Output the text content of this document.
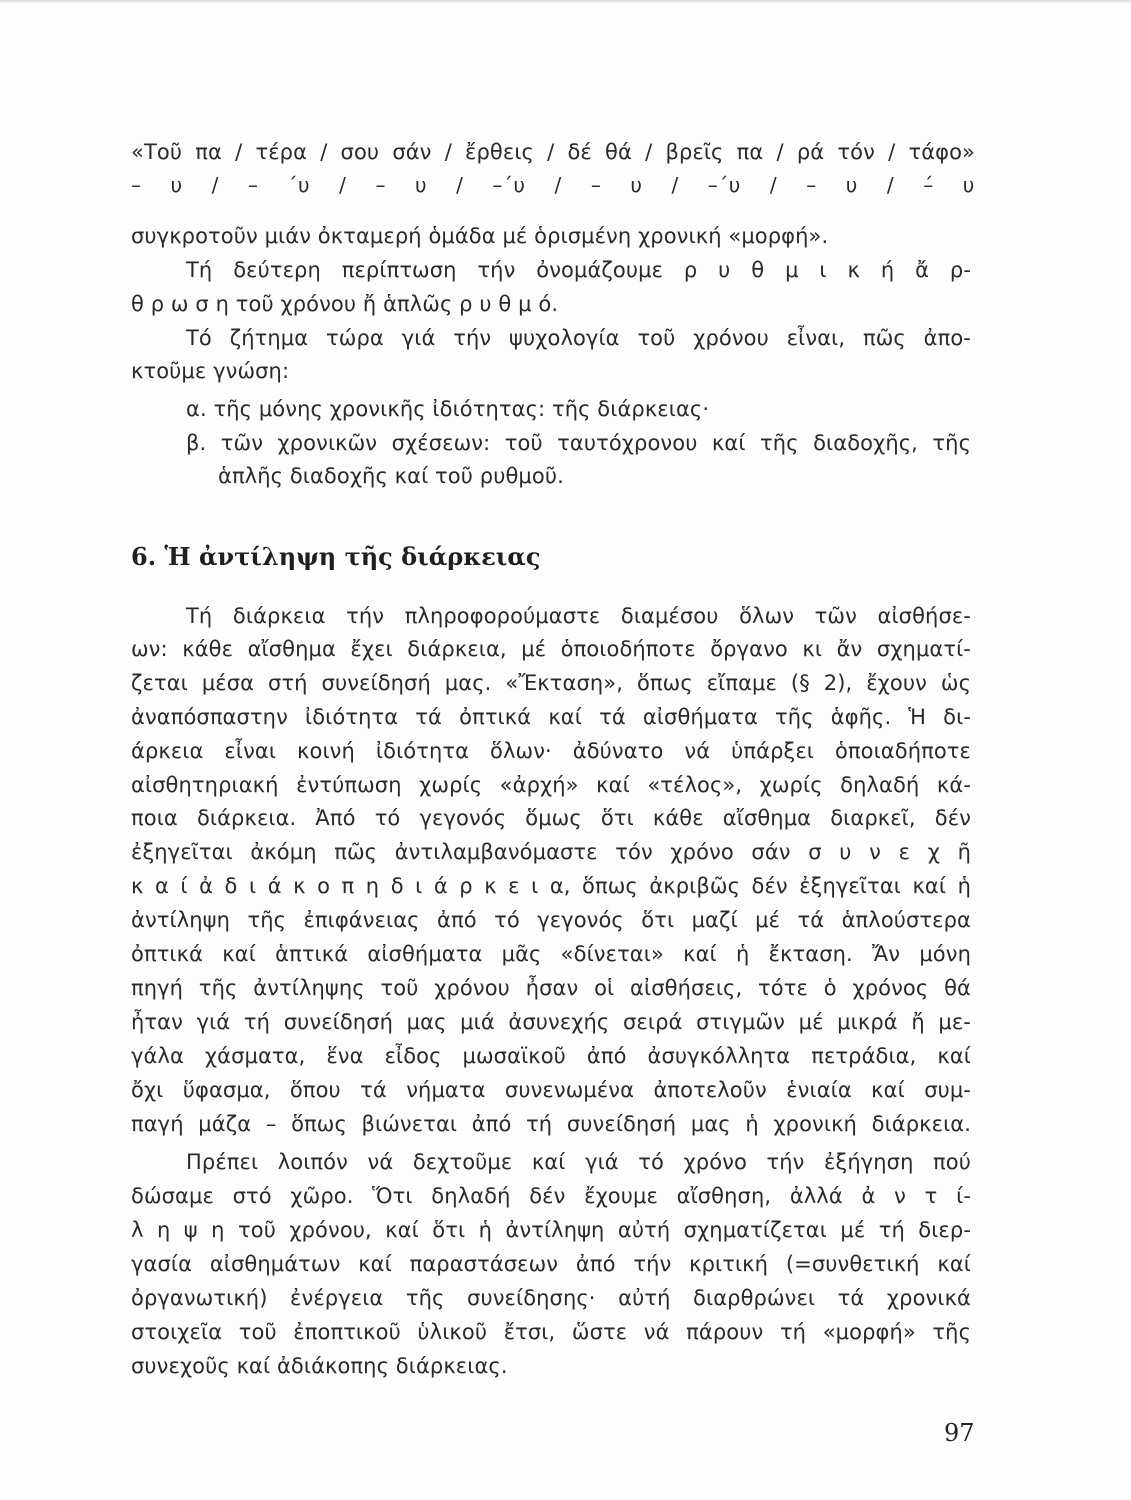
«Τοῦ πα / τέρα / σου σάν / ἔρθεις / δέ θά / βρεῖς πα / ρά τόν / τάφο»
– υ / – ΄υ / – υ / –΄υ / – υ / –΄υ / – υ / –́ υ
συγκροτοῦν μιάν ὀκταμερή ὁμάδα μέ ὁρισμένη χρονική «μορφή».
Τή δεύτερη περίπτωση τήν ὀνομάζουμε ρ υ θ μ ι κ ή ἄ ρ-
θ ρ ω σ η τοῦ χρόνου ἤ ἁπλῶς ρ υ θ μ ό.
Τό ζήτημα τώρα γιά τήν ψυχολογία τοῦ χρόνου εἶναι, πῶς ἀπο-
κτοῦμε γνώση:
α. τῆς μόνης χρονικῆς ἰδιότητας: τῆς διάρκειας·
β. τῶν χρονικῶν σχέσεων: τοῦ ταυτόχρονου καί τῆς διαδοχῆς, τῆς
ἁπλῆς διαδοχῆς καί τοῦ ρυθμοῦ.
6. Ἡ ἀντίληψη τῆς διάρκειας
Τή διάρκεια τήν πληροφορούμαστε διαμέσου ὅλων τῶν αἰσθήσε-
ων: κάθε αἴσθημα ἔχει διάρκεια, μέ ὁποιοδήποτε ὄργανο κι ἄν σχηματί-
ζεται μέσα στή συνείδησή μας. «Ἔκταση», ὅπως εἴπαμε (§ 2), ἔχουν ὡς
ἀναπόσπαστην ἰδιότητα τά ὀπτικά καί τά αἰσθήματα τῆς ἁφῆς. Ἡ δι-
άρκεια εἶναι κοινή ἰδιότητα ὅλων· ἀδύνατο νά ὑπάρξει ὁποιαδήποτε
αἰσθητηριακή ἐντύπωση χωρίς «ἀρχή» καί «τέλος», χωρίς δηλαδή κά-
ποια διάρκεια. Ἀπό τό γεγονός ὅμως ὅτι κάθε αἴσθημα διαρκεῖ, δέν
ἐξηγεῖται ἀκόμη πῶς ἀντιλαμβανόμαστε τόν χρόνο σάν σ υ ν ε χ ῆ
κ α ί ἀ δ ι ά κ ο π η δ ι ά ρ κ ε ι α, ὅπως ἀκριβῶς δέν ἐξηγεῖται καί ἡ
ἀντίληψη τῆς ἐπιφάνειας ἀπό τό γεγονός ὅτι μαζί μέ τά ἁπλούστερα
ὀπτικά καί ἁπτικά αἰσθήματα μᾶς «δίνεται» καί ἡ ἔκταση. Ἄν μόνη
πηγή τῆς ἀντίληψης τοῦ χρόνου ἦσαν οἱ αἰσθήσεις, τότε ὁ χρόνος θά
ἦταν γιά τή συνείδησή μας μιά ἀσυνεχής σειρά στιγμῶν μέ μικρά ἤ με-
γάλα χάσματα, ἕνα εἶδος μωσαϊκοῦ ἀπό ἀσυγκόλλητα πετράδια, καί
ὄχι ὕφασμα, ὅπου τά νήματα συνενωμένα ἀποτελοῦν ἑνιαία καί συμ-
παγή μάζα – ὅπως βιώνεται ἀπό τή συνείδησή μας ἡ χρονική διάρκεια.
Πρέπει λοιπόν νά δεχτοῦμε καί γιά τό χρόνο τήν ἐξήγηση πού
δώσαμε στό χῶρο. Ὅτι δηλαδή δέν ἔχουμε αἴσθηση, ἀλλά ἀ ν τ ί-
λ η ψ η τοῦ χρόνου, καί ὅτι ἡ ἀντίληψη αὐτή σχηματίζεται μέ τή διερ-
γασία αἰσθημάτων καί παραστάσεων ἀπό τήν κριτική (=συνθετική καί
ὀργανωτική) ἐνέργεια τῆς συνείδησης· αὐτή διαρθρώνει τά χρονικά
στοιχεῖα τοῦ ἐποπτικοῦ ὑλικοῦ ἔτσι, ὥστε νά πάρουν τή «μορφή» τῆς
συνεχοῦς καί ἀδιάκοπης διάρκειας.
97
